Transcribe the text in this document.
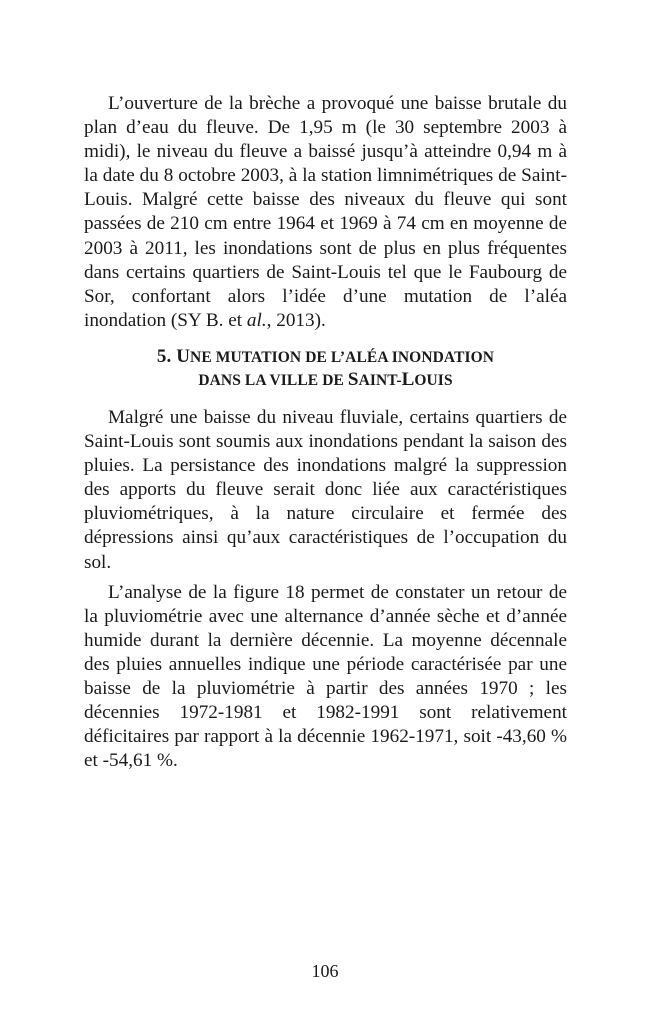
L’ouverture de la brèche a provoqué une baisse brutale du plan d’eau du fleuve. De 1,95 m (le 30 septembre 2003 à midi), le niveau du fleuve a baissé jusqu’à atteindre 0,94 m à la date du 8 octobre 2003, à la station limnimétriques de Saint-Louis. Malgré cette baisse des niveaux du fleuve qui sont passées de 210 cm entre 1964 et 1969 à 74 cm en moyenne de 2003 à 2011, les inondations sont de plus en plus fréquentes dans certains quartiers de Saint-Louis tel que le Faubourg de Sor, confortant alors l’idée d’une mutation de l’aléa inondation (SY B. et al., 2013).

5. UNE MUTATION DE L’ALÉA INONDATION
DANS LA VILLE DE SAINT-LOUIS

Malgré une baisse du niveau fluviale, certains quartiers de Saint-Louis sont soumis aux inondations pendant la saison des pluies. La persistance des inondations malgré la suppression des apports du fleuve serait donc liée aux caractéristiques pluviométriques, à la nature circulaire et fermée des dépressions ainsi qu’aux caractéristiques de l’occupation du sol.

L’analyse de la figure 18 permet de constater un retour de la pluviométrie avec une alternance d’année sèche et d’année humide durant la dernière décennie. La moyenne décennale des pluies annuelles indique une période caractérisée par une baisse de la pluviométrie à partir des années 1970 ; les décennies 1972-1981 et 1982-1991 sont relativement déficitaires par rapport à la décennie 1962-1971, soit -43,60 % et -54,61 %.

106
